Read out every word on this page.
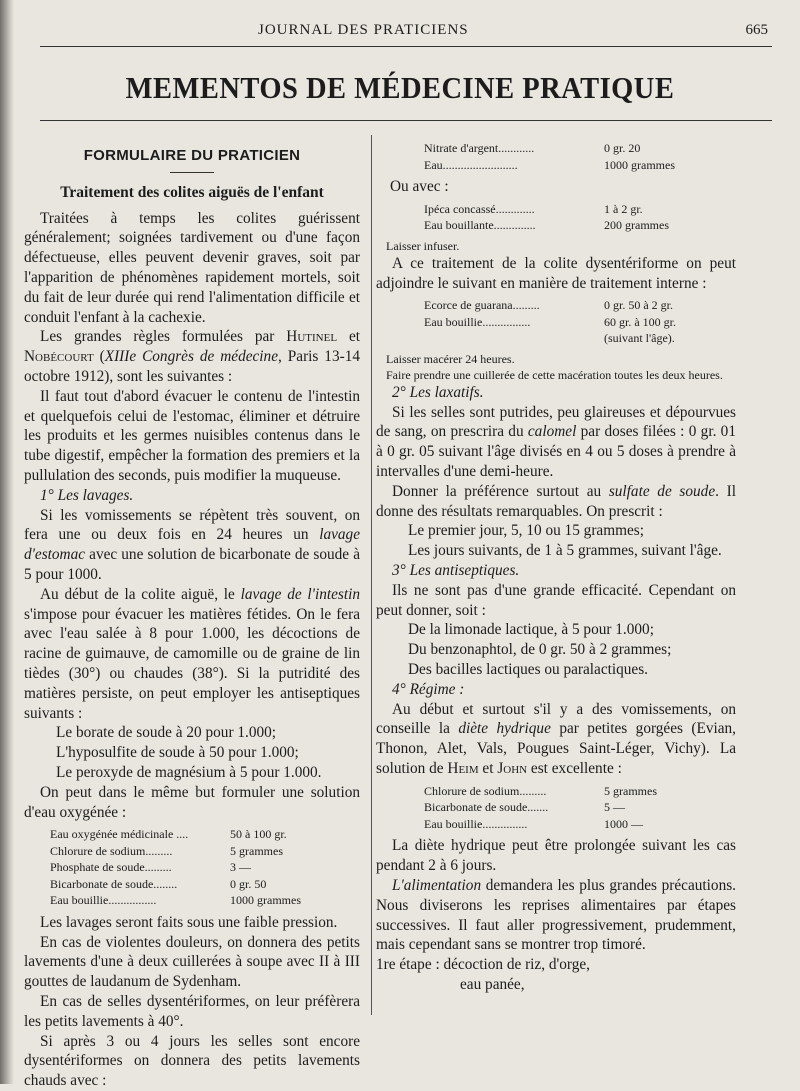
JOURNAL DES PRATICIENS	665
MEMENTOS DE MÉDECINE PRATIQUE
FORMULAIRE DU PRATICIEN
Traitement des colites aiguës de l'enfant

Traitées à temps les colites guérissent généralement; soignées tardivement ou d'une façon défectueuse, elles peuvent devenir graves, soit par l'apparition de phénomènes rapidement mortels, soit du fait de leur durée qui rend l'alimentation difficile et conduit l'enfant à la cachexie.

Les grandes règles formulées par Hutinel et Nobécourt (XIIIe Congrès de médecine, Paris 13-14 octobre 1912), sont les suivantes :

Il faut tout d'abord évacuer le contenu de l'intestin et quelquefois celui de l'estomac, éliminer et détruire les produits et les germes nuisibles contenus dans le tube digestif, empêcher la formation des premiers et la pullulation des seconds, puis modifier la muqueuse.

1° Les lavages.

Si les vomissements se répètent très souvent, on fera une ou deux fois en 24 heures un lavage d'estomac avec une solution de bicarbonate de soude à 5 pour 1000.

Au début de la colite aiguë, le lavage de l'intestin s'impose pour évacuer les matières fétides. On le fera avec l'eau salée à 8 pour 1.000, les décoctions de racine de guimauve, de camomille ou de graine de lin tièdes (30°) ou chaudes (38°). Si la putridité des matières persiste, on peut employer les antiseptiques suivants :

Le borate de soude à 20 pour 1.000;

L'hyposulfite de soude à 50 pour 1.000;

Le peroxyde de magnésium à 5 pour 1.000.

On peut dans le même but formuler une solution d'eau oxygénée :

Eau oxygénée médicinale ....	50 à 100 gr.
Chlorure de sodium.........	5 grammes
Phosphate de soude.........	3 —
Bicarbonate de soude........	0 gr. 50
Eau bouillie................	1000 grammes

Les lavages seront faits sous une faible pression.

En cas de violentes douleurs, on donnera des petits lavements d'une à deux cuillerées à soupe avec II à III gouttes de laudanum de Sydenham.

En cas de selles dysentériformes, on leur préfèrera les petits lavements à 40°.

Si après 3 ou 4 jours les selles sont encore dysentériformes on donnera des petits lavements chauds avec :

Nitrate d'argent............	0 gr. 20
Eau.........................	1000 grammes

Ou avec :

Ipéca concassé.............	1 à 2 gr.
Eau bouillante..............	200 grammes

Laisser infuser.

A ce traitement de la colite dysentériforme on peut adjoindre le suivant en manière de traitement interne :

Ecorce de guarana.........	0 gr. 50 à 2 gr.
Eau bouillie................	60 gr. à 100 gr.
	(suivant l'âge).

Laisser macérer 24 heures.

Faire prendre une cuillerée de cette macération toutes les deux heures.

2° Les laxatifs.

Si les selles sont putrides, peu glaireuses et dépourvues de sang, on prescrira du calomel par doses filées : 0 gr. 01 à 0 gr. 05 suivant l'âge divisés en 4 ou 5 doses à prendre à intervalles d'une demi-heure.

Donner la préférence surtout au sulfate de soude. Il donne des résultats remarquables. On prescrit :

Le premier jour, 5, 10 ou 15 grammes;

Les jours suivants, de 1 à 5 grammes, suivant l'âge.

3° Les antiseptiques.

Ils ne sont pas d'une grande efficacité. Cependant on peut donner, soit :

De la limonade lactique, à 5 pour 1.000;

Du benzonaphtol, de 0 gr. 50 à 2 grammes;

Des bacilles lactiques ou paralactiques.

4° Régime :

Au début et surtout s'il y a des vomissements, on conseille la diète hydrique par petites gorgées (Evian, Thonon, Alet, Vals, Pougues Saint-Léger, Vichy). La solution de Heim et John est excellente :

Chlorure de sodium.........	5 grammes
Bicarbonate de soude.......	5 —
Eau bouillie...............	1000 —

La diète hydrique peut être prolongée suivant les cas pendant 2 à 6 jours.

L'alimentation demandera les plus grandes précautions. Nous diviserons les reprises alimentaires par étapes successives. Il faut aller progressivement, prudemment, mais cependant sans se montrer trop timoré.

1re étape : décoction de riz, d'orge,

eau panée,
